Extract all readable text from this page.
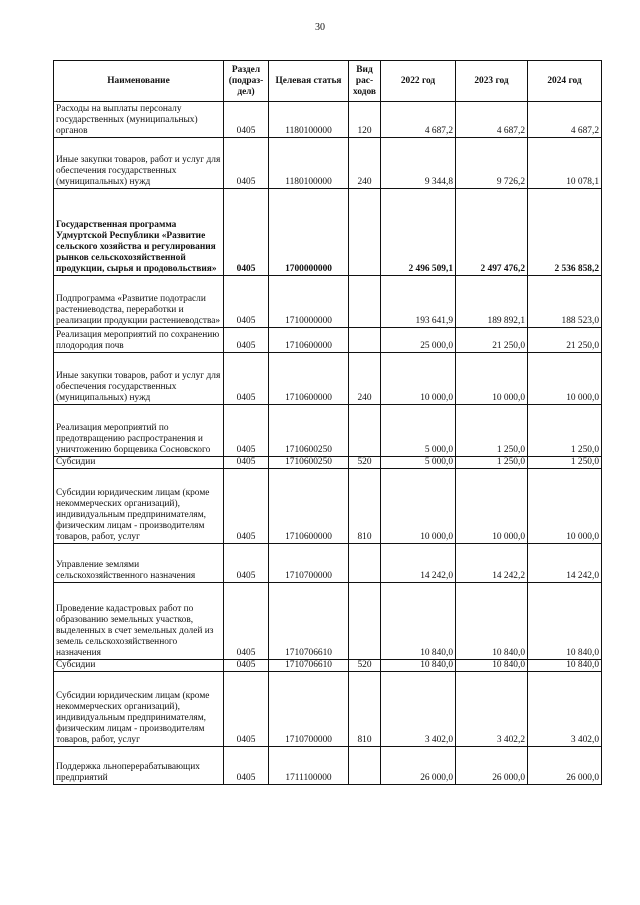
30
Наименование	Раздел (подраз-дел)	Целевая статья	Вид рас-ходов	2022 год	2023 год	2024 год
Расходы на выплаты персоналу государственных (муниципальных) органов	0405	1180100000	120	4 687,2	4 687,2	4 687,2
Иные закупки товаров, работ и услуг для обеспечения государственных (муниципальных) нужд	0405	1180100000	240	9 344,8	9 726,2	10 078,1
Государственная программа Удмуртской Республики «Развитие сельского хозяйства и регулирования рынков сельскохозяйственной продукции, сырья и продовольствия»	0405	1700000000		2 496 509,1	2 497 476,2	2 536 858,2
Подпрограмма «Развитие подотрасли растениеводства, переработки и реализации продукции растениеводства»	0405	1710000000		193 641,9	189 892,1	188 523,0
Реализация мероприятий по сохранению плодородия почв	0405	1710600000		25 000,0	21 250,0	21 250,0
Иные закупки товаров, работ и услуг для обеспечения государственных (муниципальных) нужд	0405	1710600000	240	10 000,0	10 000,0	10 000,0
Реализация мероприятий по предотвращению распространения и уничтожению борщевика Сосновского	0405	1710600250		5 000,0	1 250,0	1 250,0
Субсидии	0405	1710600250	520	5 000,0	1 250,0	1 250,0
Субсидии юридическим лицам (кроме некоммерческих организаций), индивидуальным предпринимателям, физическим лицам - производителям товаров, работ, услуг	0405	1710600000	810	10 000,0	10 000,0	10 000,0
Управление землями сельскохозяйственного назначения	0405	1710700000		14 242,0	14 242,2	14 242,0
Проведение кадастровых работ по образованию земельных участков, выделенных в счет земельных долей из земель сельскохозяйственного назначения	0405	1710706610		10 840,0	10 840,0	10 840,0
Субсидии	0405	1710706610	520	10 840,0	10 840,0	10 840,0
Субсидии юридическим лицам (кроме некоммерческих организаций), индивидуальным предпринимателям, физическим лицам - производителям товаров, работ, услуг	0405	1710700000	810	3 402,0	3 402,2	3 402,0
Поддержка льноперерабатывающих предприятий	0405	1711100000		26 000,0	26 000,0	26 000,0
